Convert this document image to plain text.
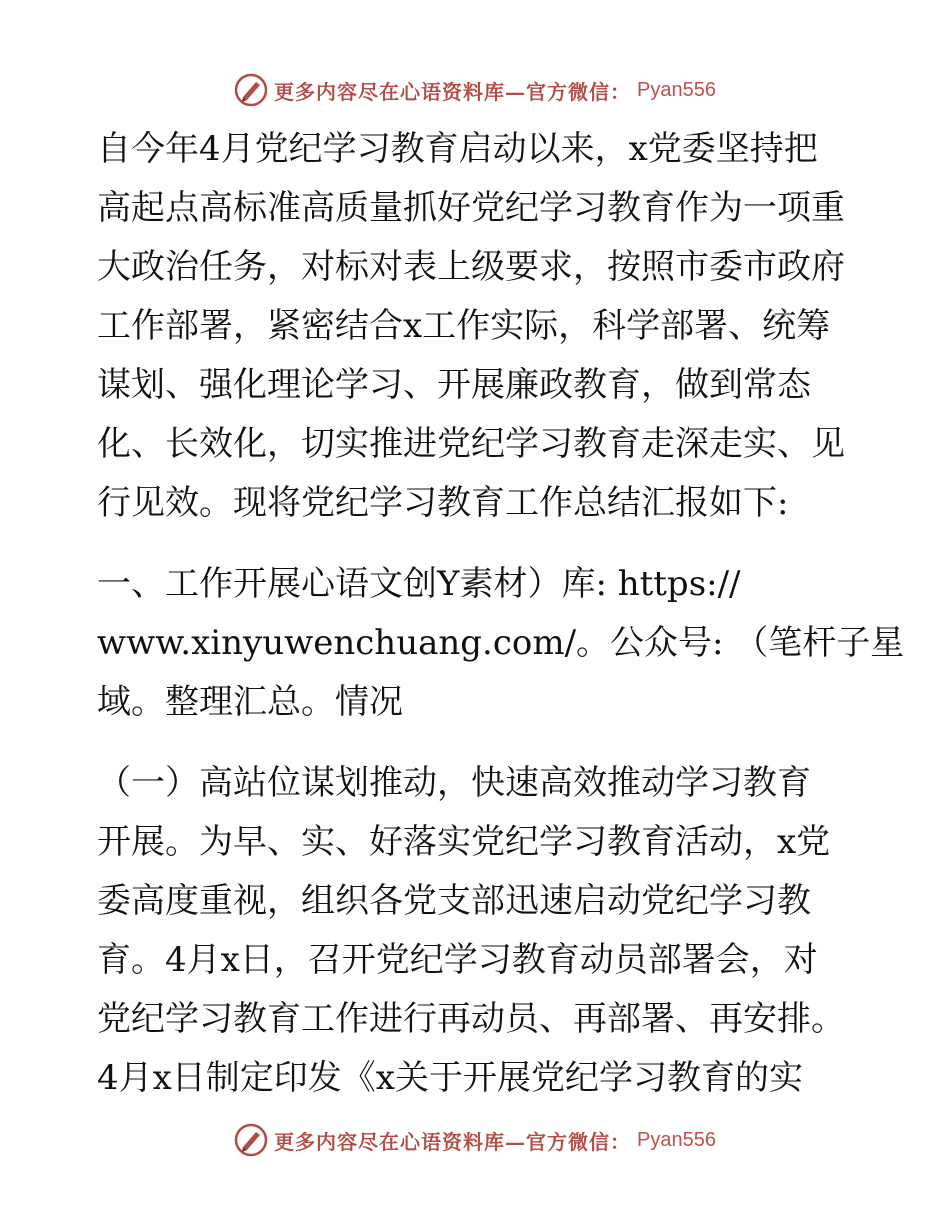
更多内容尽在心语资料库—官方微信： Pyan556

自今年4月党纪学习教育启动以来，x党委坚持把
高起点高标准高质量抓好党纪学习教育作为一项重
大政治任务，对标对表上级要求，按照市委市政府
工作部署，紧密结合x工作实际，科学部署、统筹
谋划、强化理论学习、开展廉政教育，做到常态
化、长效化，切实推进党纪学习教育走深走实、见
行见效。现将党纪学习教育工作总结汇报如下:

一、工作开展心语文创Y素材）库: https://
www.xinyuwenchuang.com/。公众号: （笔杆子星
域。整理汇总。情况

（一）高站位谋划推动，快速高效推动学习教育
开展。为早、实、好落实党纪学习教育活动，x党
委高度重视，组织各党支部迅速启动党纪学习教
育。4月x日，召开党纪学习教育动员部署会，对
党纪学习教育工作进行再动员、再部署、再安排。
4月x日制定印发《x关于开展党纪学习教育的实

更多内容尽在心语资料库—官方微信： Pyan556
